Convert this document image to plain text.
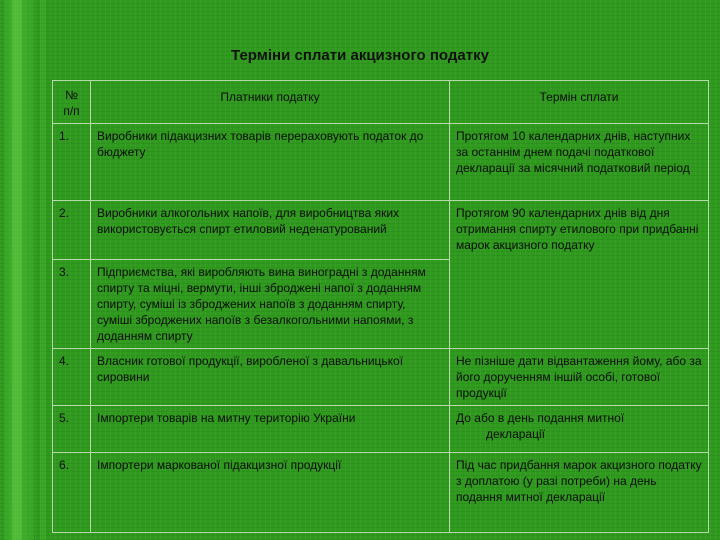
Терміни сплати акцизного податку
№
п/п	Платники податку	Термін сплати
1.	Виробники підакцизних товарів перераховують податок до бюджету	Протягом 10 календарних днів, наступних за останнім днем подачі податкової декларації за місячний податковий період
2.	Виробники алкогольних напоїв, для виробництва яких використовується спирт етиловий неденатурований	Протягом 90 календарних днів від дня отримання спирту етилового при придбанні марок акцизного податку
3.	Підприємства, які виробляють вина виноградні з доданням спирту та міцні, вермути, інші зброджені напої з доданням спирту, суміші із зброджених напоїв з доданням спирту, суміші зброджених напоїв з безалкогольними напоями, з доданням спирту	
4.	Власник готової продукції, виробленої з давальницької сировини	Не пізніше дати відвантаження йому, або за його дорученням іншій особі, готової продукції
5.	Імпортери товарів на митну територію України	До або в день подання митної
декларації

6.	Імпортери маркованої підакцизної продукції	Під час придбання марок акцизного податку з доплатою (у разі потреби) на день подання митної декларації
